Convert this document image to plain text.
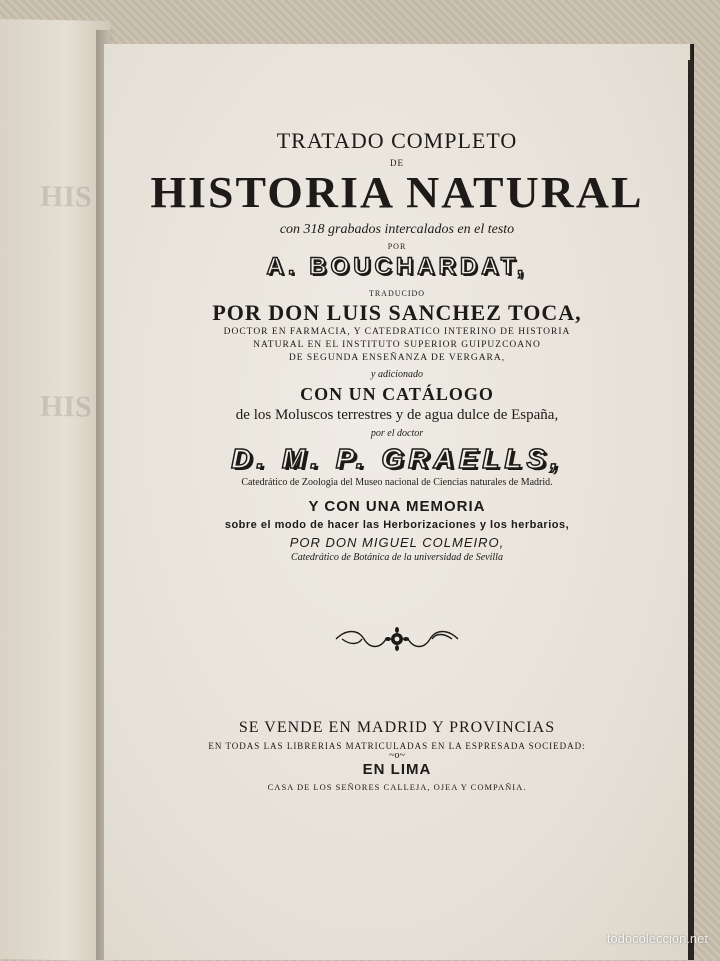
HIS
HIS
TRATADO COMPLETO
DE
HISTORIA NATURAL
con 318 grabados intercalados en el testo
POR
A. BOUCHARDAT,
TRADUCIDO
POR DON LUIS SANCHEZ TOCA,
DOCTOR EN FARMACIA, Y CATEDRATICO INTERINO DE HISTORIA
NATURAL EN EL INSTITUTO SUPERIOR GUIPUZCOANO
DE SEGUNDA ENSEÑANZA DE VERGARA,
y adicionado
CON UN CATÁLOGO
de los Moluscos terrestres y de agua dulce de España,
por el doctor
D. M. P. GRAELLS,
Catedrático de Zoologia del Museo nacional de Ciencias naturales de Madrid.
Y CON UNA MEMORIA
sobre el modo de hacer las Herborizaciones y los herbarios,
POR DON MIGUEL COLMEIRO,
Catedrático de Botánica de la universidad de Sevilla
SE VENDE EN MADRID Y PROVINCIAS
EN TODAS LAS LIBRERIAS MATRICULADAS EN LA ESPRESADA SOCIEDAD:
~o~
EN LIMA
CASA DE LOS SEÑORES CALLEJA, OJEA Y COMPAÑIA.
todocoleccion.net
